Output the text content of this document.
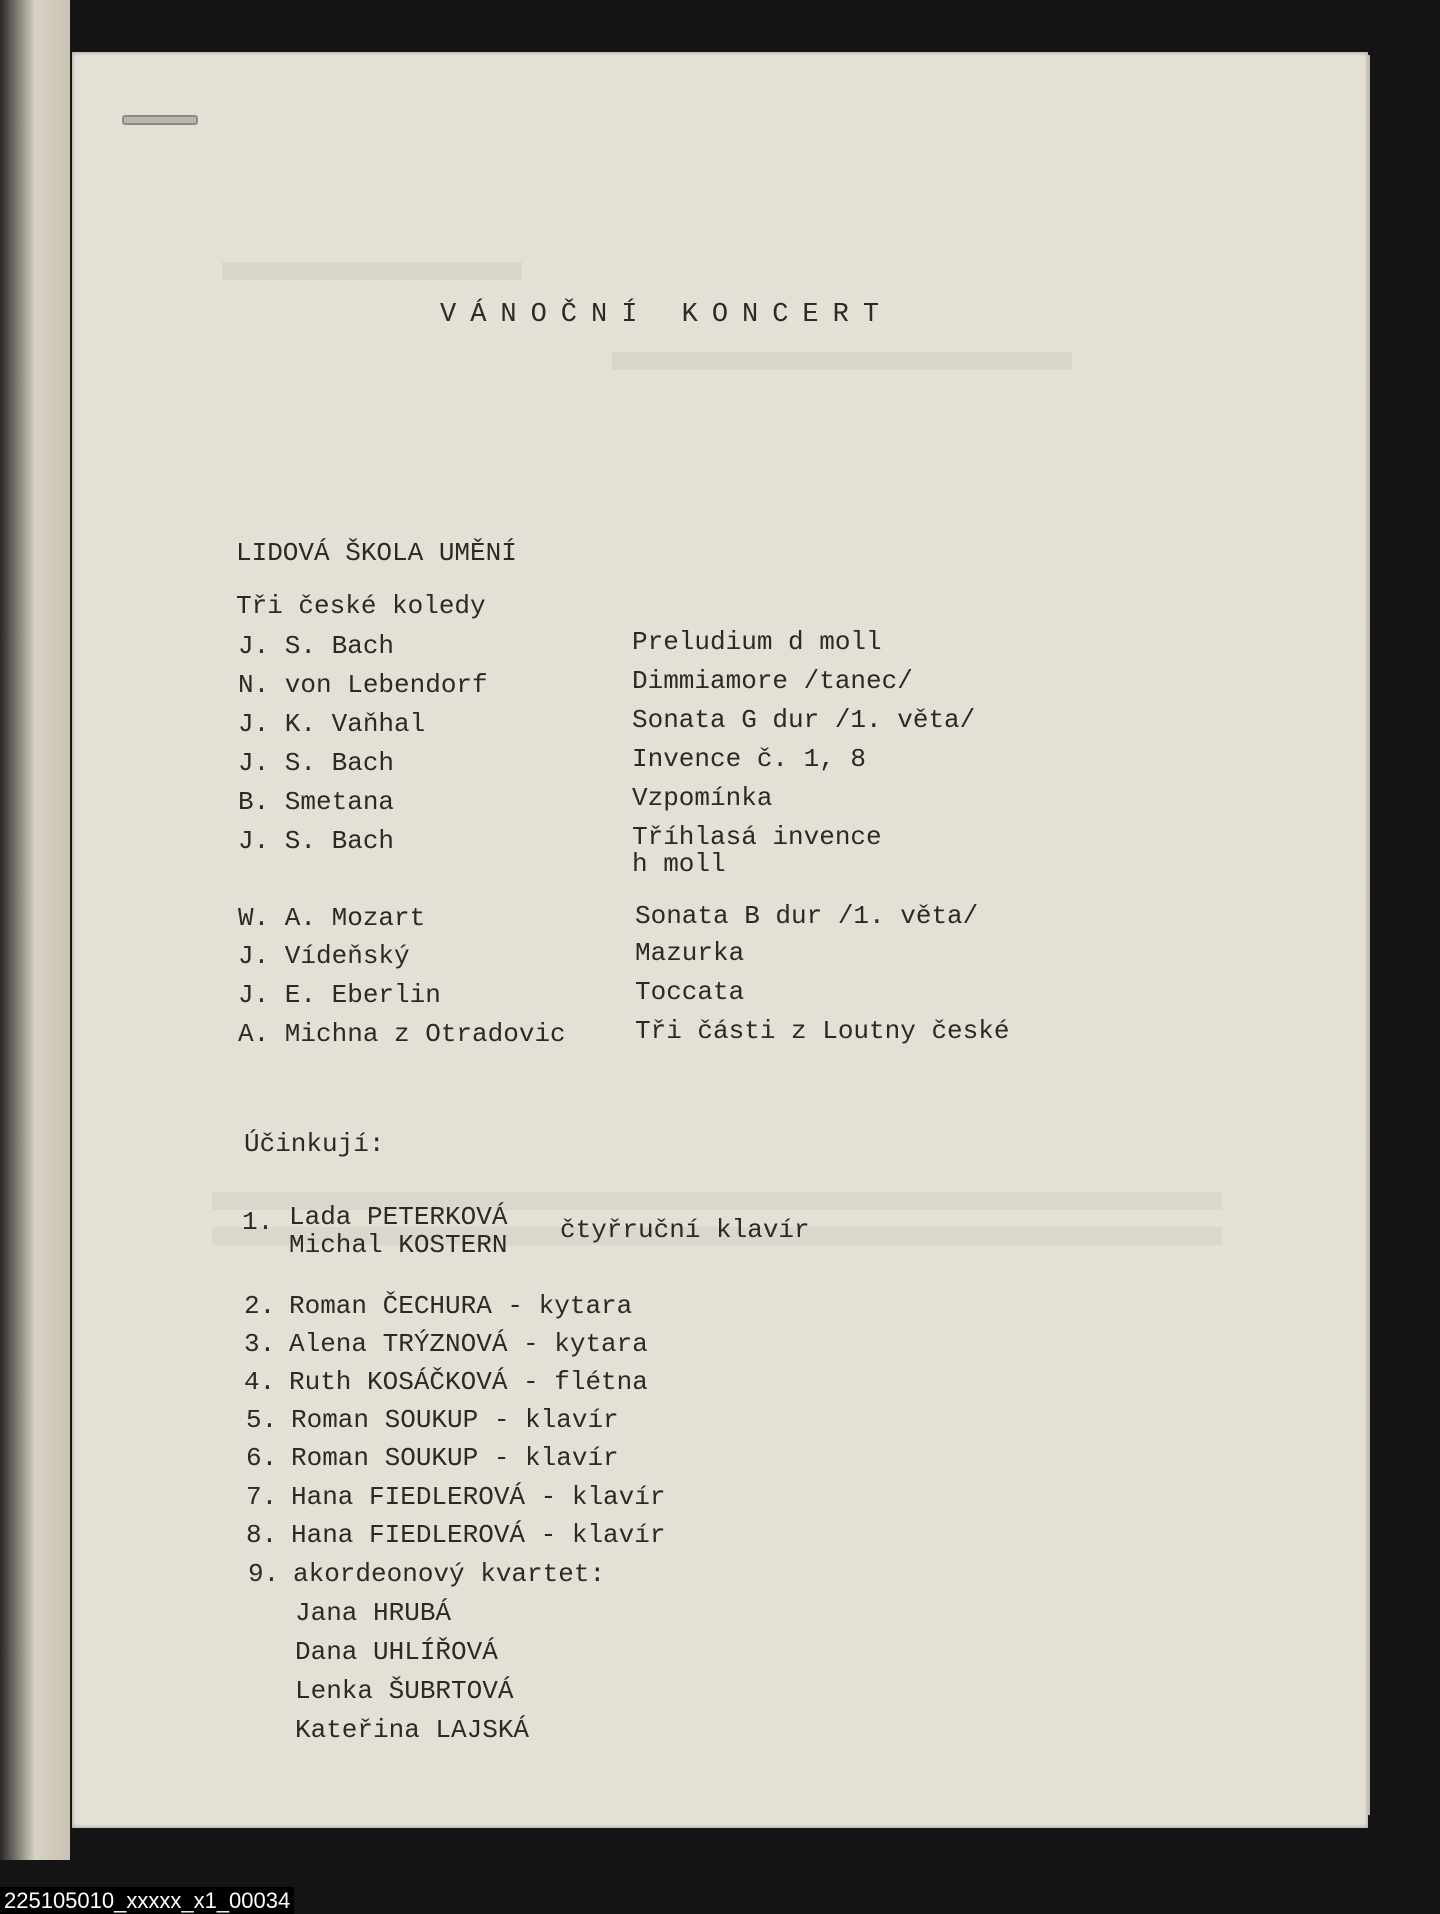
VÁNOČNÍ KONCERT
LIDOVÁ ŠKOLA UMĚNÍ
Tři české koledy
J. S. Bach	Preludium d moll
N. von Lebendorf	Dimmiamore /tanec/
J. K. Vaňhal	Sonata G dur /1. věta/
J. S. Bach	Invence č. 1, 8
B. Smetana	Vzpomínka
J. S. Bach	Tříhlasá invence
h moll
W. A. Mozart	Sonata B dur /1. věta/
J. Vídeňský	Mazurka
J. E. Eberlin	Toccata
A. Michna z Otradovic	Tři části z Loutny české
Účinkují:
1. Lada PETERKOVÁ
Michal KOSTERN čtyřruční klavír
2. Roman ČECHURA - kytara
3. Alena TRÝZNOVÁ - kytara
4. Ruth KOSÁČKOVÁ - flétna
5. Roman SOUKUP - klavír
6. Roman SOUKUP - klavír
7. Hana FIEDLEROVÁ - klavír
8. Hana FIEDLEROVÁ - klavír
9. akordeonový kvartet:
Jana HRUBÁ
Dana UHLÍŘOVÁ
Lenka ŠUBRTOVÁ
Kateřina LAJSKÁ
225105010_xxxxx_x1_00034
